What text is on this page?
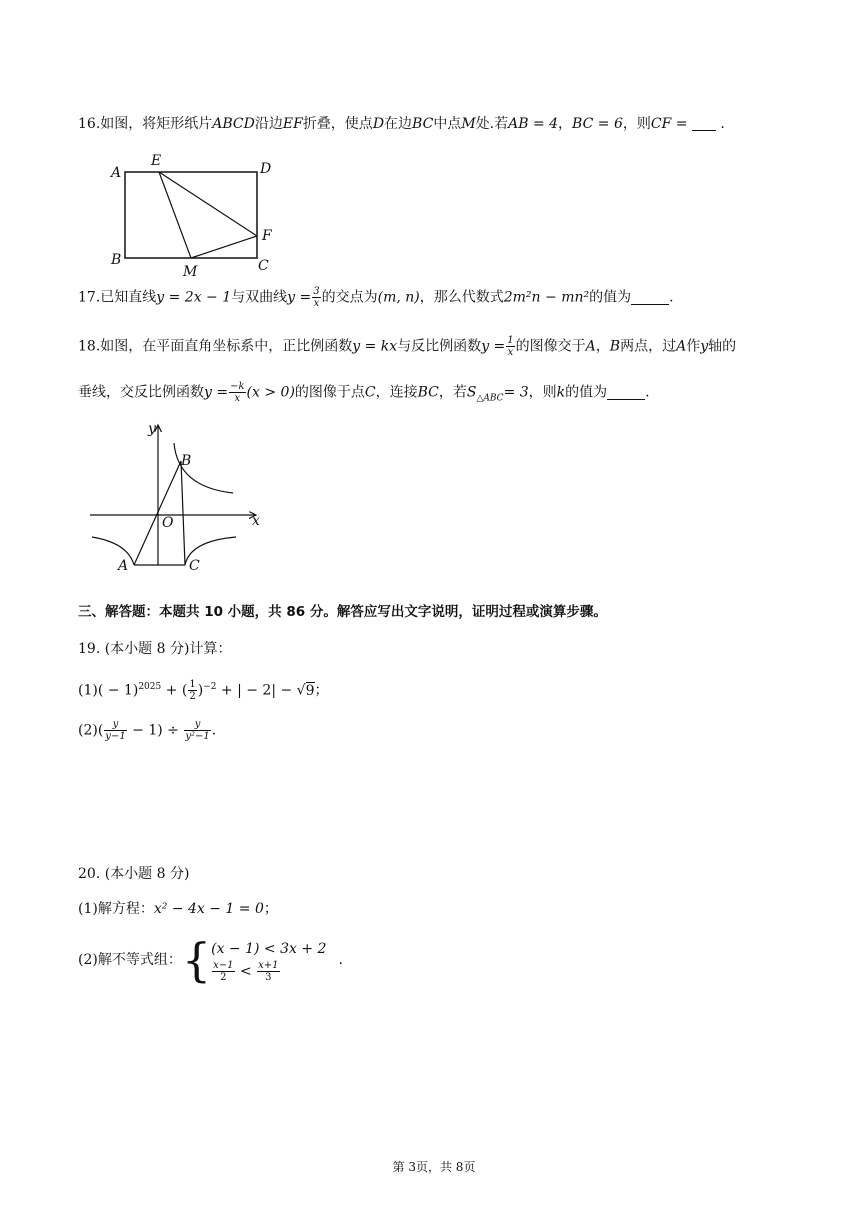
16.如图，将矩形纸片ABCD沿边EF折叠，使点D在边BC中点M处.若AB = 4，BC = 6，则CF = .
A
E	D
F
B
M	C
17.已知直线y = 2x − 1与双曲线$y = \frac{3}{x}$ 的交点为(m, n)，那么代数式2m²n − mn²的值为	.
18.如图，在平面直角坐标系中，正比例函数y = kx与反比例函数$y = \frac{1}{x}$ 的图像交于A，B两点，过A作y轴的
垂线，交反比例函数$y = \frac{-k}{x} (x > 0)$的图像于点C，连接BC，若$S_{\triangle ABC}= 3$，则k的值为	.
y
B
O	x
A	C
三、解答题：本题共 10 小题，共 86 分。解答应写出文字说明，证明过程或演算步骤。
19. (本小题 8 分)计算：
$(1)( - 1)^{2025}$ + ( $\frac{1}{2} )^{-2}$ + | − 2| − √9；
$(2)( \frac{y}{y-1} - 1) \div \frac{y}{\text{y²−1}}$ .
20. (本小题 8 分)
(1)解方程：x² − 4x − 1 = 0；
(2)解不等式组：{ (x − 1) < 3x + 2
$\frac{x-1}{2} < \frac{x+1}{3}$	.
第 3页，共 8页
